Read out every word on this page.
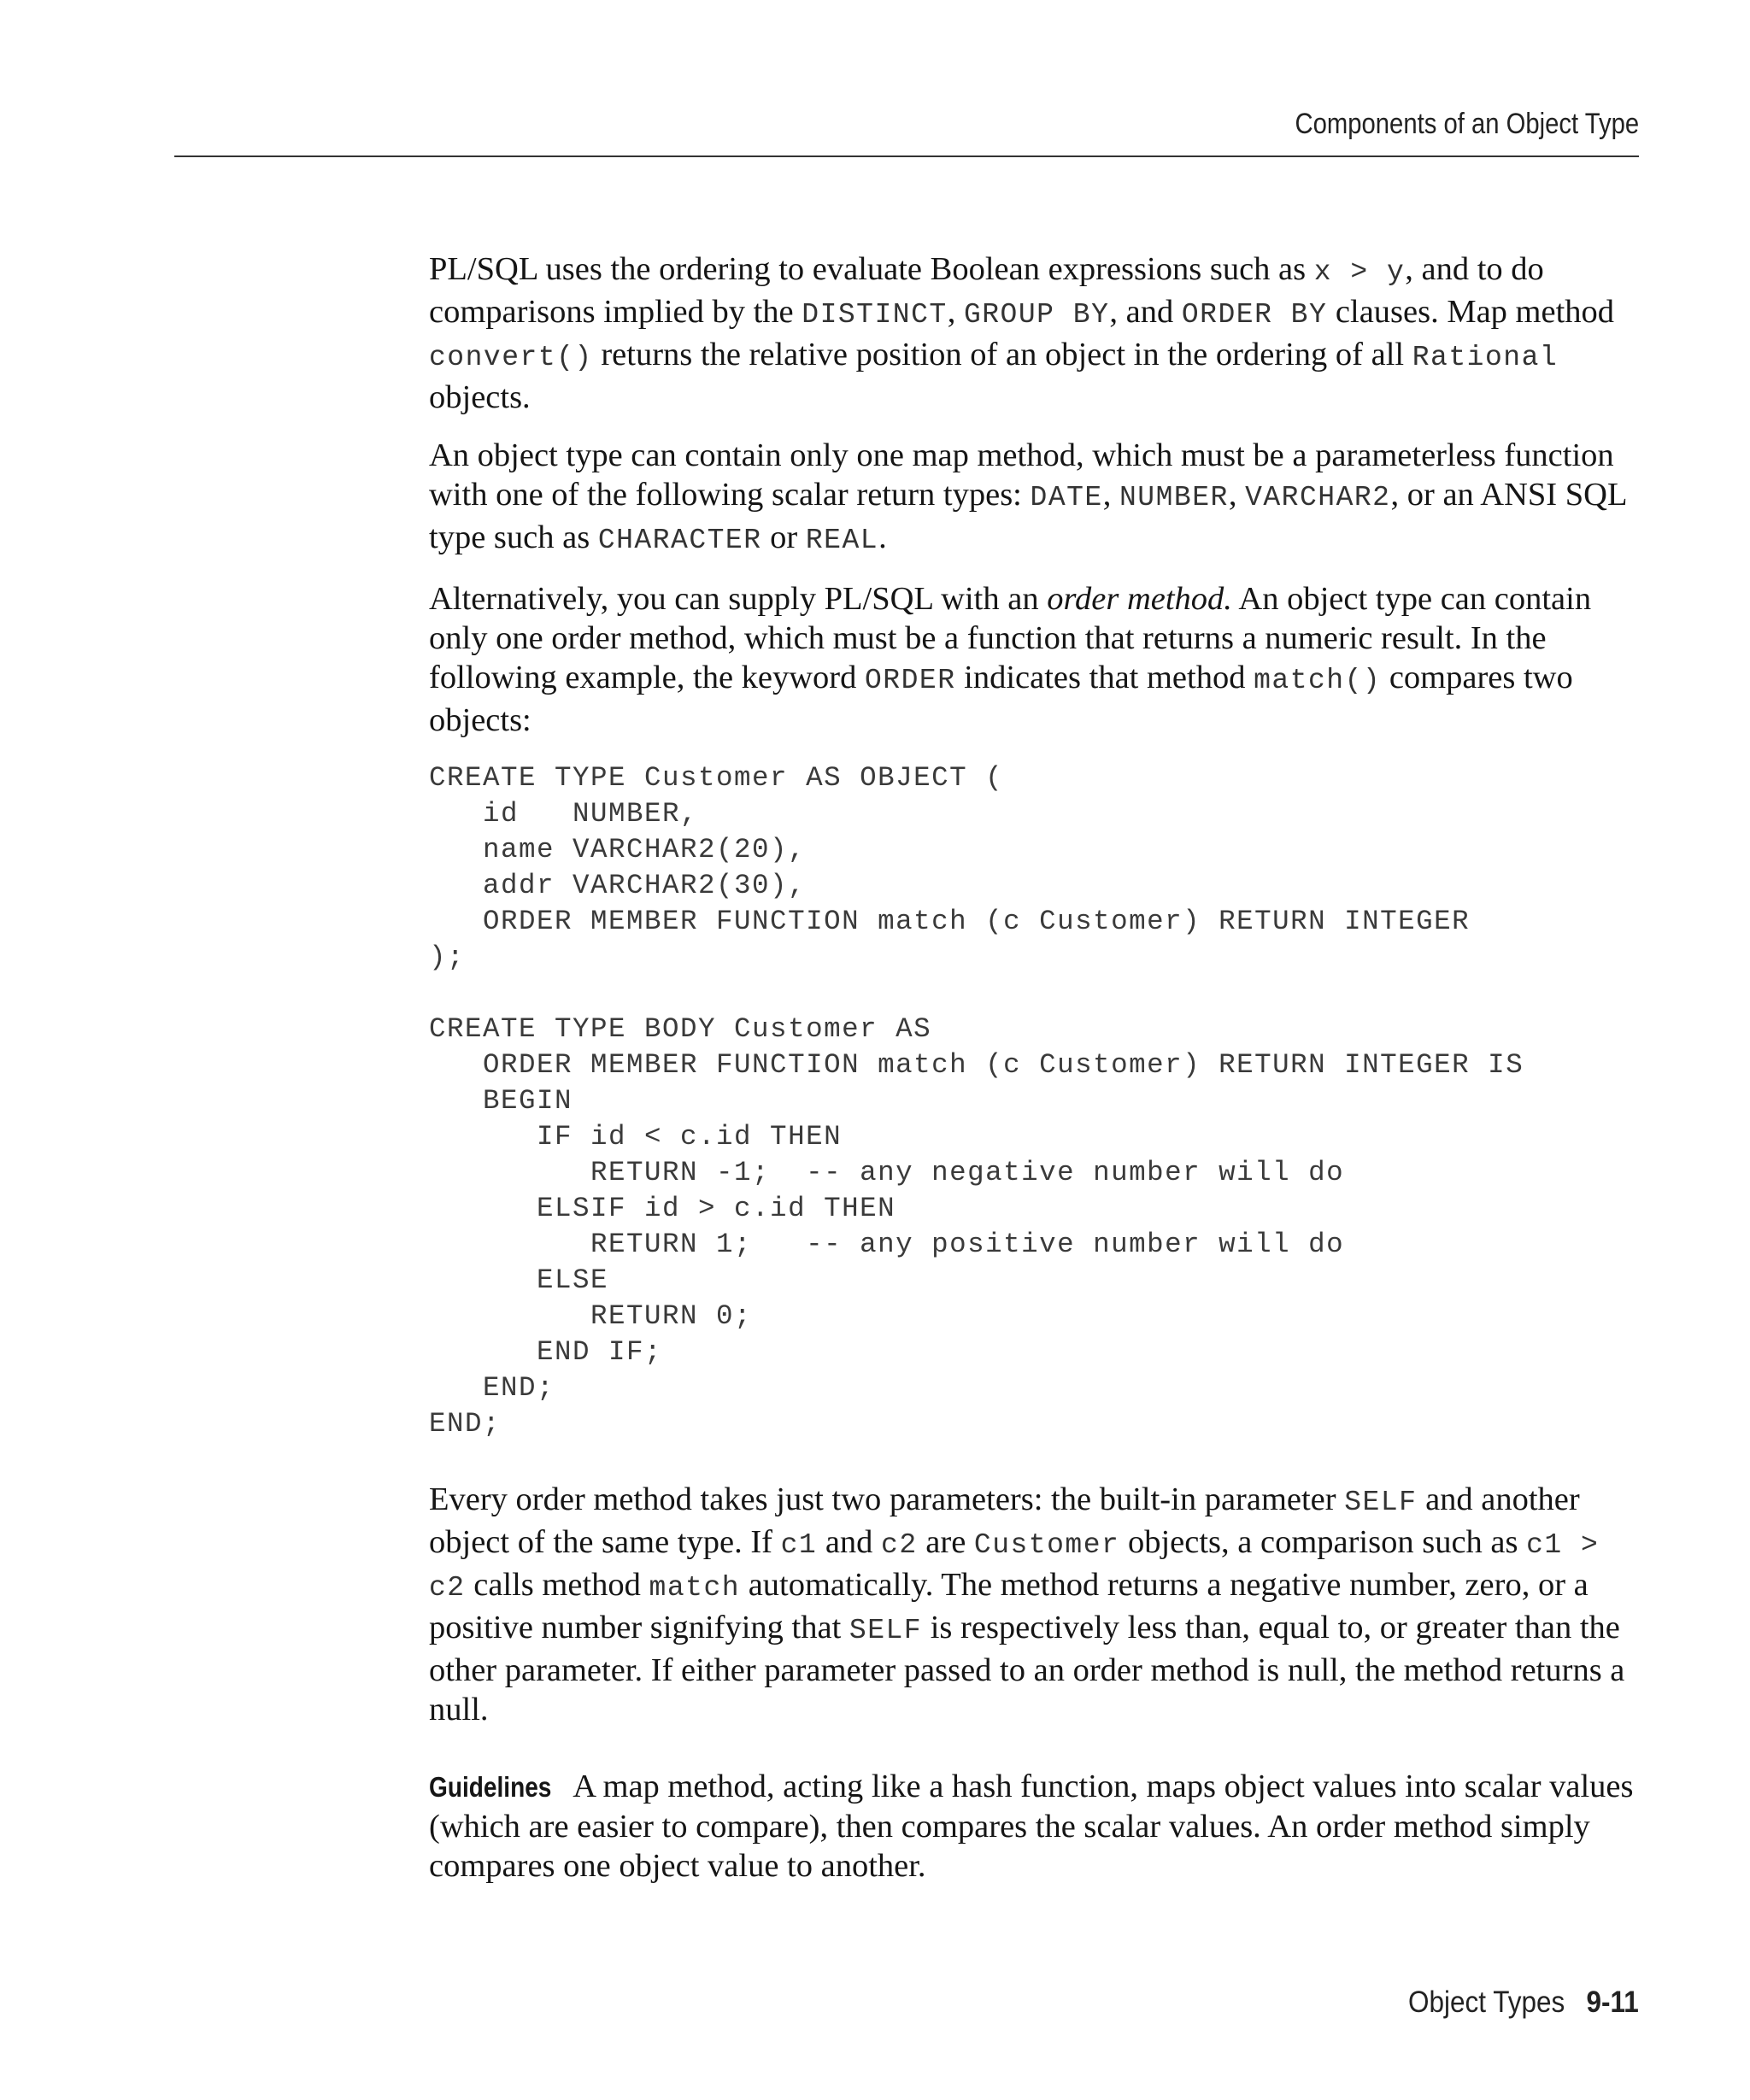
Components of an Object Type

PL/SQL uses the ordering to evaluate Boolean expressions such as x > y, and to do comparisons implied by the DISTINCT, GROUP BY, and ORDER BY clauses. Map method convert() returns the relative position of an object in the ordering of all Rational objects.

An object type can contain only one map method, which must be a parameterless function with one of the following scalar return types: DATE, NUMBER, VARCHAR2, or an ANSI SQL type such as CHARACTER or REAL.

Alternatively, you can supply PL/SQL with an order method. An object type can contain only one order method, which must be a function that returns a numeric result. In the following example, the keyword ORDER indicates that method match() compares two objects:

CREATE TYPE Customer AS OBJECT (
id   NUMBER,
name VARCHAR2(20),
addr VARCHAR2(30),
ORDER MEMBER FUNCTION match (c Customer) RETURN INTEGER
);

CREATE TYPE BODY Customer AS
ORDER MEMBER FUNCTION match (c Customer) RETURN INTEGER IS
BEGIN
IF id < c.id THEN
RETURN -1;  -- any negative number will do
ELSIF id > c.id THEN
RETURN 1;   -- any positive number will do
ELSE
RETURN 0;
END IF;
END;
END;

Every order method takes just two parameters: the built-in parameter SELF and another object of the same type. If c1 and c2 are Customer objects, a comparison such as c1 > c2 calls method match automatically. The method returns a negative number, zero, or a positive number signifying that SELF is respectively less than, equal to, or greater than the other parameter. If either parameter passed to an order method is null, the method returns a null.

Guidelines A map method, acting like a hash function, maps object values into scalar values (which are easier to compare), then compares the scalar values. An order method simply compares one object value to another.

Object Types 9-11
